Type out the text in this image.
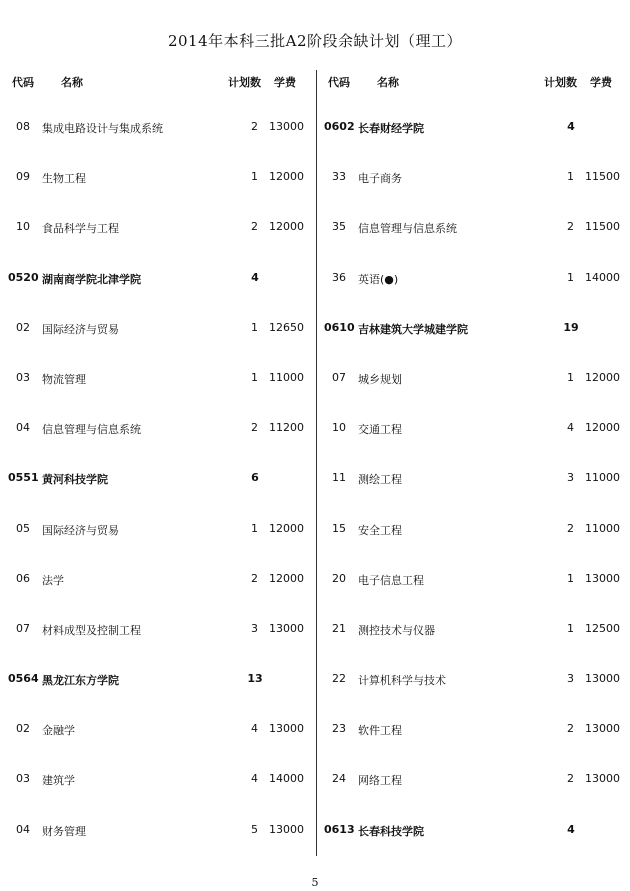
2014年本科三批A2阶段余缺计划（理工）
代码	名称	计划数 学费
08	集成电路设计与集成系统	2	13000
09	生物工程	1	12000
10	食品科学与工程	2	12000
0520 湖南商学院北津学院	4
02	国际经济与贸易	1	12650
03	物流管理	1	11000
04	信息管理与信息系统	2	11200
0551 黄河科技学院	6
05	国际经济与贸易	1	12000
06	法学	2	12000
07	材料成型及控制工程	3	13000
0564 黑龙江东方学院	13
02	金融学	4	13000
03	建筑学	4	14000
04	财务管理	5	13000
代码	名称	计划数 学费
0602 长春财经学院	4
33	电子商务	1	11500
35	信息管理与信息系统	2	11500
36	英语(●)	1	14000
0610 吉林建筑大学城建学院	19
07	城乡规划	1	12000
10	交通工程	4	12000
11	测绘工程	3	11000
15	安全工程	2	11000
20	电子信息工程	1	13000
21	测控技术与仪器	1	12500
22	计算机科学与技术	3	13000
23	软件工程	2	13000
24	网络工程	2	13000
0613 长春科技学院	4
5
